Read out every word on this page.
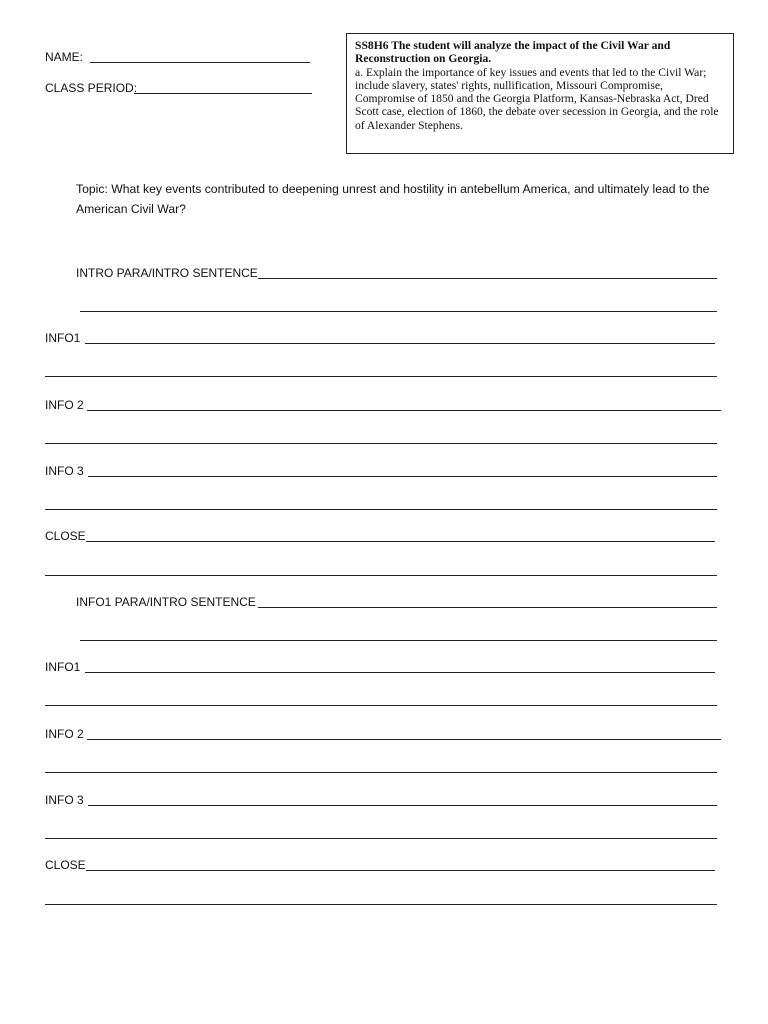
NAME:
CLASS PERIOD:
SS8H6 The student will analyze the impact of the Civil War and Reconstruction on Georgia.
a. Explain the importance of key issues and events that led to the Civil War; include slavery, states' rights, nullification, Missouri Compromise, Compromise of 1850 and the Georgia Platform, Kansas-Nebraska Act, Dred Scott case, election of 1860, the debate over secession in Georgia, and the role of Alexander Stephens.
Topic: What key events contributed to deepening unrest and hostility in antebellum America, and ultimately lead to the American Civil War?
INTRO PARA/INTRO SENTENCE
INFO1
INFO 2
INFO 3
CLOSE
INFO1 PARA/INTRO SENTENCE
INFO1
INFO 2
INFO 3
CLOSE
